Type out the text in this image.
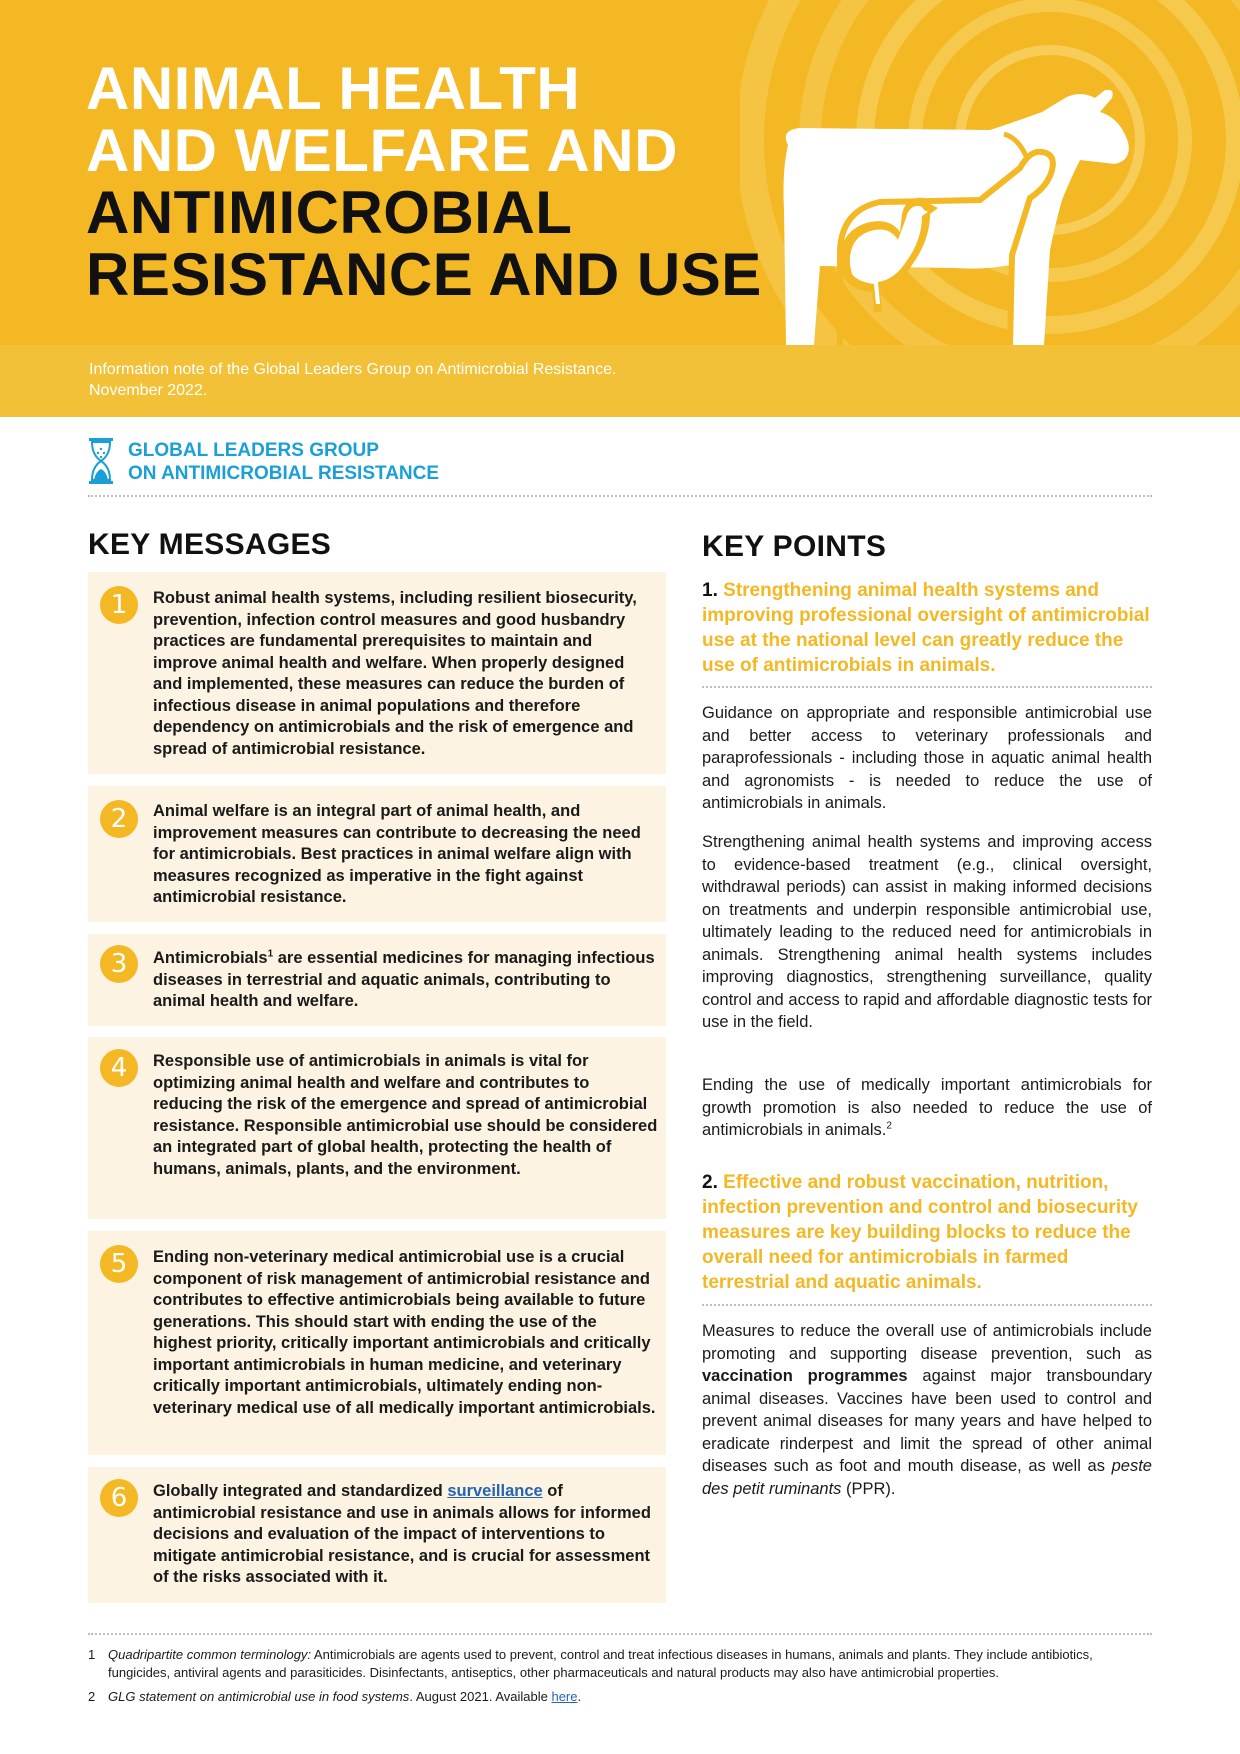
ANIMAL HEALTH
AND WELFARE AND
ANTIMICROBIAL
RESISTANCE AND USE
Information note of the Global Leaders Group on Antimicrobial Resistance.
November 2022.
GLOBAL LEADERS GROUP
ON ANTIMICROBIAL RESISTANCE
KEY MESSAGES
1	Robust animal health systems, including resilient biosecurity, prevention, infection control measures and good husbandry practices are fundamental prerequisites to maintain and improve animal health and welfare. When properly designed and implemented, these measures can reduce the burden of infectious disease in animal populations and therefore dependency on antimicrobials and the risk of emergence and spread of antimicrobial resistance.
2	Animal welfare is an integral part of animal health, and improvement measures can contribute to decreasing the need for antimicrobials. Best practices in animal welfare align with measures recognized as imperative in the fight against antimicrobial resistance.
3	Antimicrobials$^1$ are essential medicines for managing infectious diseases in terrestrial and aquatic animals, contributing to animal health and welfare.
4	Responsible use of antimicrobials in animals is vital for optimizing animal health and welfare and contributes to reducing the risk of the emergence and spread of antimicrobial resistance. Responsible antimicrobial use should be considered an integrated part of global health, protecting the health of humans, animals, plants, and the environment.
5	Ending non-veterinary medical antimicrobial use is a crucial component of risk management of antimicrobial resistance and contributes to effective antimicrobials being available to future generations. This should start with ending the use of the highest priority, critically important antimicrobials and critically important antimicrobials in human medicine, and veterinary critically important antimicrobials, ultimately ending non-veterinary medical use of all medically important antimicrobials.
6	Globally integrated and standardized surveillance of antimicrobial resistance and use in animals allows for informed decisions and evaluation of the impact of interventions to mitigate antimicrobial resistance, and is crucial for assessment of the risks associated with it.
KEY POINTS
1. Strengthening animal health systems and improving professional oversight of antimicrobial use at the national level can greatly reduce the use of antimicrobials in animals.
Guidance on appropriate and responsible antimicrobial use and better access to veterinary professionals and paraprofessionals - including those in aquatic animal health and agronomists - is needed to reduce the use of antimicrobials in animals.
Strengthening animal health systems and improving access to evidence-based treatment (e.g., clinical oversight, withdrawal periods) can assist in making informed decisions on treatments and underpin responsible antimicrobial use, ultimately leading to the reduced need for antimicrobials in animals. Strengthening animal health systems includes improving diagnostics, strengthening surveillance, quality control and access to rapid and affordable diagnostic tests for use in the field.
Ending the use of medically important antimicrobials for growth promotion is also needed to reduce the use of antimicrobials in animals.$^2$
2. Effective and robust vaccination, nutrition, infection prevention and control and biosecurity measures are key building blocks to reduce the overall need for antimicrobials in farmed terrestrial and aquatic animals.
Measures to reduce the overall use of antimicrobials include promoting and supporting disease prevention, such as vaccination programmes against major transboundary animal diseases. Vaccines have been used to control and prevent animal diseases for many years and have helped to eradicate rinderpest and limit the spread of other animal diseases such as foot and mouth disease, as well as peste des petit ruminants (PPR).
1 Quadripartite common terminology: Antimicrobials are agents used to prevent, control and treat infectious diseases in humans, animals and plants. They include antibiotics, fungicides, antiviral agents and parasiticides. Disinfectants, antiseptics, other pharmaceuticals and natural products may also have antimicrobial properties.
2 GLG statement on antimicrobial use in food systems. August 2021. Available here.
